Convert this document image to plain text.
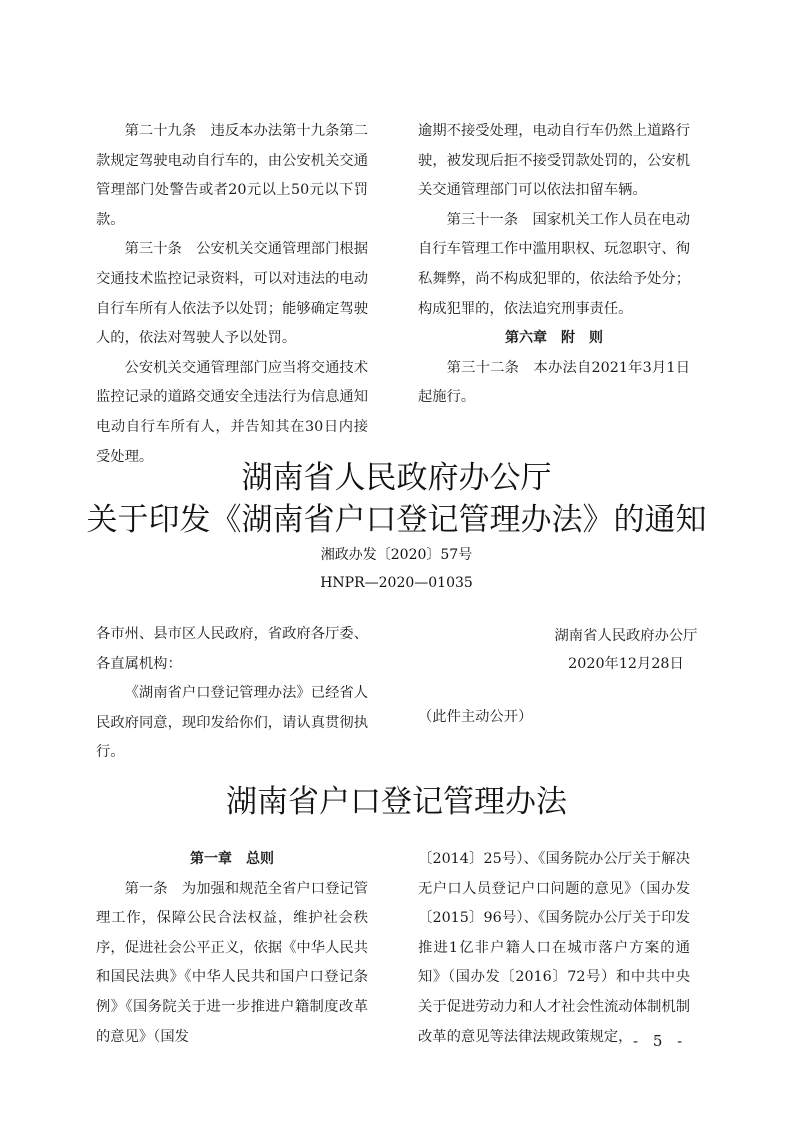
第二十九条　违反本办法第十九条第二款规定驾驶电动自行车的，由公安机关交通管理部门处警告或者20元以上50元以下罚款。

第三十条　公安机关交通管理部门根据交通技术监控记录资料，可以对违法的电动自行车所有人依法予以处罚；能够确定驾驶人的，依法对驾驶人予以处罚。

公安机关交通管理部门应当将交通技术监控记录的道路交通安全违法行为信息通知电动自行车所有人，并告知其在30日内接受处理。

逾期不接受处理，电动自行车仍然上道路行驶，被发现后拒不接受罚款处罚的，公安机关交通管理部门可以依法扣留车辆。

第三十一条　国家机关工作人员在电动自行车管理工作中滥用职权、玩忽职守、徇私舞弊，尚不构成犯罪的，依法给予处分；构成犯罪的，依法追究刑事责任。

第六章　附　则

第三十二条　本办法自2021年3月1日起施行。

湖南省人民政府办公厅
关于印发《湖南省户口登记管理办法》的通知
湘政办发〔2020〕57号
HNPR—2020—01035

各市州、县市区人民政府，省政府各厅委、各直属机构：

《湖南省户口登记管理办法》已经省人民政府同意，现印发给你们，请认真贯彻执行。

湖南省人民政府办公厅
2020年12月28日
（此件主动公开）
湖南省户口登记管理办法

第一章　总则

第一条　为加强和规范全省户口登记管理工作，保障公民合法权益，维护社会秩序，促进社会公平正义，依据《中华人民共和国民法典》《中华人民共和国户口登记条例》《国务院关于进一步推进户籍制度改革的意见》（国发

〔2014〕25号）、《国务院办公厅关于解决无户口人员登记户口问题的意见》（国办发〔2015〕96号）、《国务院办公厅关于印发推进1亿非户籍人口在城市落户方案的通知》（国办发〔2016〕72号）和中共中央关于促进劳动力和人才社会性流动体制机制改革的意见等法律法规政策规定， - 5 -
